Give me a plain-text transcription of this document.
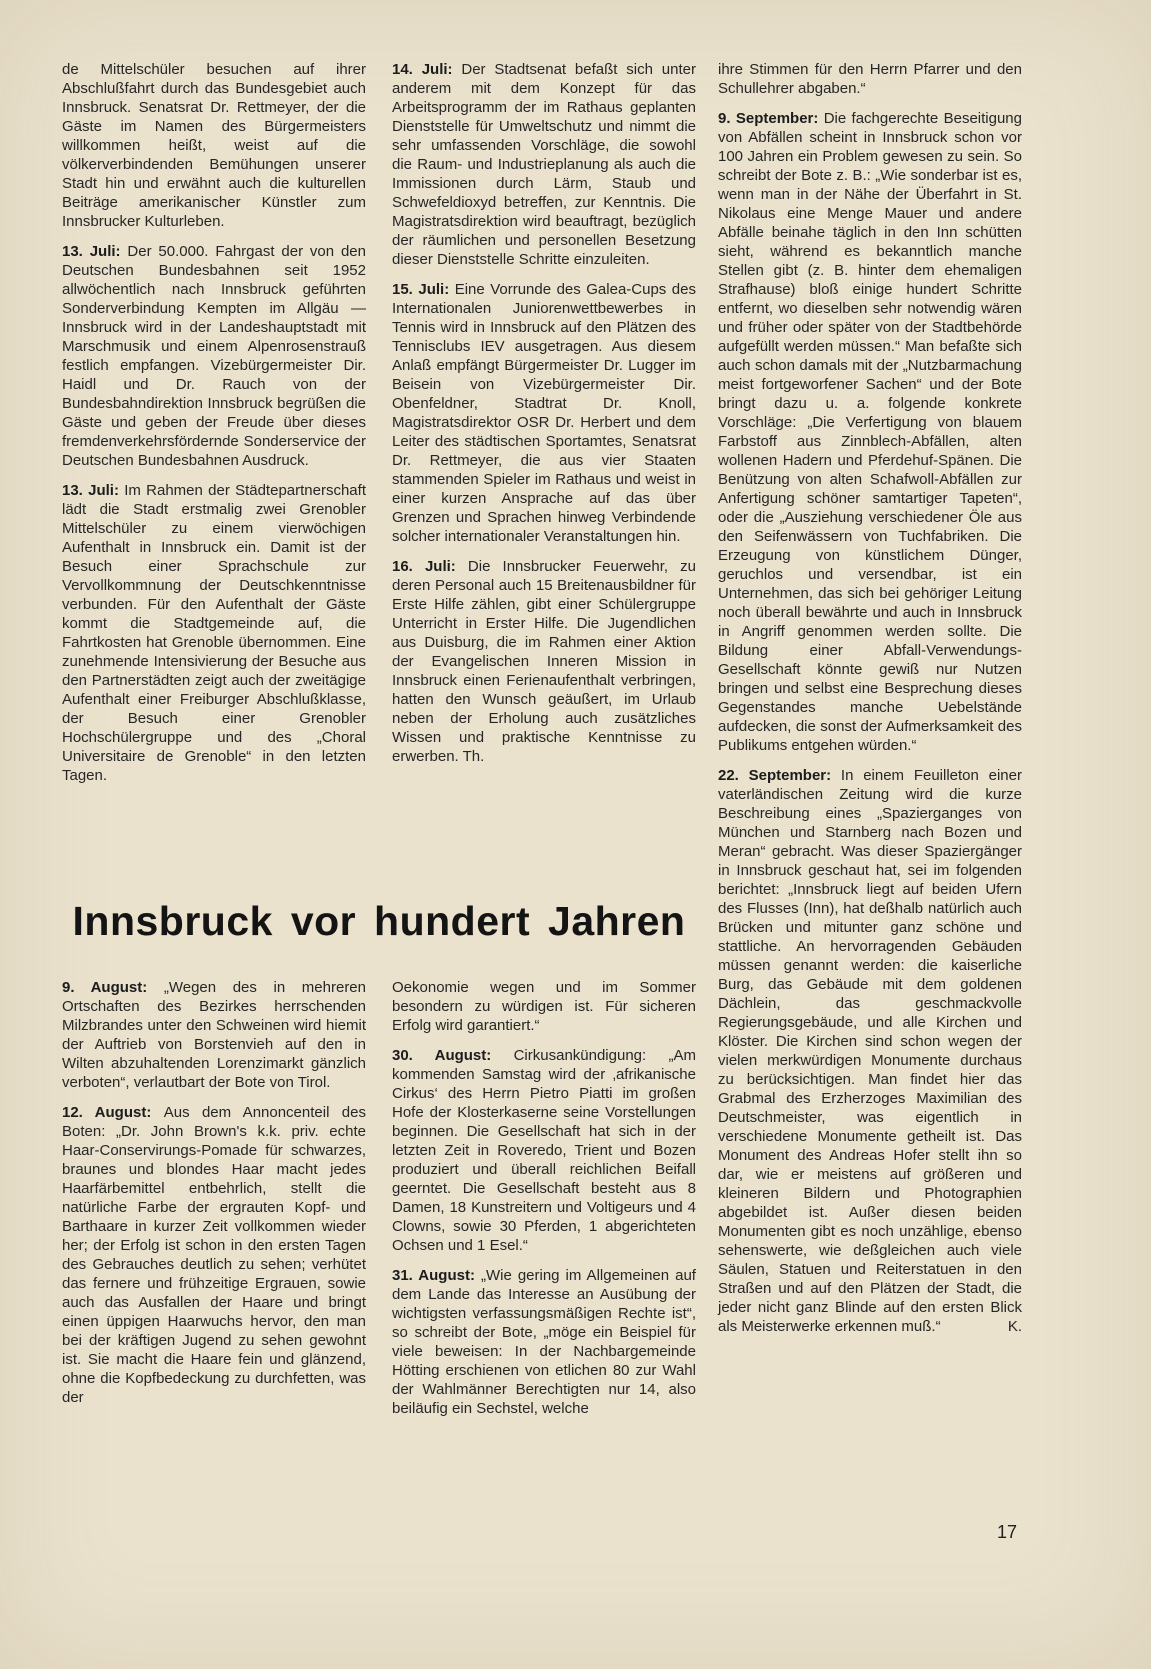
de Mittelschüler besuchen auf ihrer Abschlußfahrt durch das Bundesgebiet auch Innsbruck. Senatsrat Dr. Rettmeyer, der die Gäste im Namen des Bürgermeisters willkommen heißt, weist auf die völkerverbindenden Bemühungen unserer Stadt hin und erwähnt auch die kulturellen Beiträge amerikanischer Künstler zum Innsbrucker Kulturleben.

13. Juli: Der 50.000. Fahrgast der von den Deutschen Bundesbahnen seit 1952 allwöchentlich nach Innsbruck geführten Sonderverbindung Kempten im Allgäu — Innsbruck wird in der Landeshauptstadt mit Marschmusik und einem Alpenrosenstrauß festlich empfangen. Vizebürgermeister Dir. Haidl und Dr. Rauch von der Bundesbahndirektion Innsbruck begrüßen die Gäste und geben der Freude über dieses fremdenverkehrsfördernde Sonderservice der Deutschen Bundesbahnen Ausdruck.

13. Juli: Im Rahmen der Städtepartnerschaft lädt die Stadt erstmalig zwei Grenobler Mittelschüler zu einem vierwöchigen Aufenthalt in Innsbruck ein. Damit ist der Besuch einer Sprachschule zur Vervollkommnung der Deutschkenntnisse verbunden. Für den Aufenthalt der Gäste kommt die Stadtgemeinde auf, die Fahrtkosten hat Grenoble übernommen. Eine zunehmende Intensivierung der Besuche aus den Partnerstädten zeigt auch der zweitägige Aufenthalt einer Freiburger Abschlußklasse, der Besuch einer Grenobler Hochschülergruppe und des „Choral Universitaire de Grenoble“ in den letzten Tagen.

14. Juli: Der Stadtsenat befaßt sich unter anderem mit dem Konzept für das Arbeitsprogramm der im Rathaus geplanten Dienststelle für Umweltschutz und nimmt die sehr umfassenden Vorschläge, die sowohl die Raum- und Industrieplanung als auch die Immissionen durch Lärm, Staub und Schwefeldioxyd betreffen, zur Kenntnis. Die Magistratsdirektion wird beauftragt, bezüglich der räumlichen und personellen Besetzung dieser Dienststelle Schritte einzuleiten.

15. Juli: Eine Vorrunde des Galea-Cups des Internationalen Juniorenwettbewerbes in Tennis wird in Innsbruck auf den Plätzen des Tennisclubs IEV ausgetragen. Aus diesem Anlaß empfängt Bürgermeister Dr. Lugger im Beisein von Vizebürgermeister Dir. Obenfeldner, Stadtrat Dr. Knoll, Magistratsdirektor OSR Dr. Herbert und dem Leiter des städtischen Sportamtes, Senatsrat Dr. Rettmeyer, die aus vier Staaten stammenden Spieler im Rathaus und weist in einer kurzen Ansprache auf das über Grenzen und Sprachen hinweg Verbindende solcher internationaler Veranstaltungen hin.

16. Juli: Die Innsbrucker Feuerwehr, zu deren Personal auch 15 Breitenausbildner für Erste Hilfe zählen, gibt einer Schülergruppe Unterricht in Erster Hilfe. Die Jugendlichen aus Duisburg, die im Rahmen einer Aktion der Evangelischen Inneren Mission in Innsbruck einen Ferienaufenthalt verbringen, hatten den Wunsch geäußert, im Urlaub neben der Erholung auch zusätzliches Wissen und praktische Kenntnisse zu erwerben. Th.

Innsbruck vor hundert Jahren

9. August: „Wegen des in mehreren Ortschaften des Bezirkes herrschenden Milzbrandes unter den Schweinen wird hiemit der Auftrieb von Borstenvieh auf den in Wilten abzuhaltenden Lorenzimarkt gänzlich verboten“, verlautbart der Bote von Tirol.

12. August: Aus dem Annoncenteil des Boten: „Dr. John Brown's k.k. priv. echte Haar-Conservirungs-Pomade für schwarzes, braunes und blondes Haar macht jedes Haarfärbemittel entbehrlich, stellt die natürliche Farbe der ergrauten Kopf- und Barthaare in kurzer Zeit vollkommen wieder her; der Erfolg ist schon in den ersten Tagen des Gebrauches deutlich zu sehen; verhütet das fernere und frühzeitige Ergrauen, sowie auch das Ausfallen der Haare und bringt einen üppigen Haarwuchs hervor, den man bei der kräftigen Jugend zu sehen gewohnt ist. Sie macht die Haare fein und glänzend, ohne die Kopfbedeckung zu durchfetten, was der

Oekonomie wegen und im Sommer besondern zu würdigen ist. Für sicheren Erfolg wird garantiert.“

30. August: Cirkusankündigung: „Am kommenden Samstag wird der ‚afrikanische Cirkus‘ des Herrn Pietro Piatti im großen Hofe der Klosterkaserne seine Vorstellungen beginnen. Die Gesellschaft hat sich in der letzten Zeit in Roveredo, Trient und Bozen produziert und überall reichlichen Beifall geerntet. Die Gesellschaft besteht aus 8 Damen, 18 Kunstreitern und Voltigeurs und 4 Clowns, sowie 30 Pferden, 1 abgerichteten Ochsen und 1 Esel.“

31. August: „Wie gering im Allgemeinen auf dem Lande das Interesse an Ausübung der wichtigsten verfassungsmäßigen Rechte ist“, so schreibt der Bote, „möge ein Beispiel für viele beweisen: In der Nachbargemeinde Hötting erschienen von etlichen 80 zur Wahl der Wahlmänner Berechtigten nur 14, also beiläufig ein Sechstel, welche

ihre Stimmen für den Herrn Pfarrer und den Schullehrer abgaben.“

9. September: Die fachgerechte Beseitigung von Abfällen scheint in Innsbruck schon vor 100 Jahren ein Problem gewesen zu sein. So schreibt der Bote z. B.: „Wie sonderbar ist es, wenn man in der Nähe der Überfahrt in St. Nikolaus eine Menge Mauer und andere Abfälle beinahe täglich in den Inn schütten sieht, während es bekanntlich manche Stellen gibt (z. B. hinter dem ehemaligen Strafhause) bloß einige hundert Schritte entfernt, wo dieselben sehr notwendig wären und früher oder später von der Stadtbehörde aufgefüllt werden müssen.“ Man befaßte sich auch schon damals mit der „Nutzbarmachung meist fortgeworfener Sachen“ und der Bote bringt dazu u. a. folgende konkrete Vorschläge: „Die Verfertigung von blauem Farbstoff aus Zinnblech-Abfällen, alten wollenen Hadern und Pferdehuf-Spänen. Die Benützung von alten Schafwoll-Abfällen zur Anfertigung schöner samtartiger Tapeten“, oder die „Ausziehung verschiedener Öle aus den Seifenwässern von Tuchfabriken. Die Erzeugung von künstlichem Dünger, geruchlos und versendbar, ist ein Unternehmen, das sich bei gehöriger Leitung noch überall bewährte und auch in Innsbruck in Angriff genommen werden sollte. Die Bildung einer Abfall-Verwendungs-Gesellschaft könnte gewiß nur Nutzen bringen und selbst eine Besprechung dieses Gegenstandes manche Uebelstände aufdecken, die sonst der Aufmerksamkeit des Publikums entgehen würden.“

22. September: In einem Feuilleton einer vaterländischen Zeitung wird die kurze Beschreibung eines „Spazierganges von München und Starnberg nach Bozen und Meran“ gebracht. Was dieser Spaziergänger in Innsbruck geschaut hat, sei im folgenden berichtet: „Innsbruck liegt auf beiden Ufern des Flusses (Inn), hat deßhalb natürlich auch Brücken und mitunter ganz schöne und stattliche. An hervorragenden Gebäuden müssen genannt werden: die kaiserliche Burg, das Gebäude mit dem goldenen Dächlein, das geschmackvolle Regierungsgebäude, und alle Kirchen und Klöster. Die Kirchen sind schon wegen der vielen merkwürdigen Monumente durchaus zu berücksichtigen. Man findet hier das Grabmal des Erzherzoges Maximilian des Deutschmeister, was eigentlich in verschiedene Monumente getheilt ist. Das Monument des Andreas Hofer stellt ihn so dar, wie er meistens auf größeren und kleineren Bildern und Photographien abgebildet ist. Außer diesen beiden Monumenten gibt es noch unzählige, ebenso sehenswerte, wie deßgleichen auch viele Säulen, Statuen und Reiterstatuen in den Straßen und auf den Plätzen der Stadt, die jeder nicht ganz Blinde auf den ersten Blick als Meisterwerke erkennen muß.“	K.

17
